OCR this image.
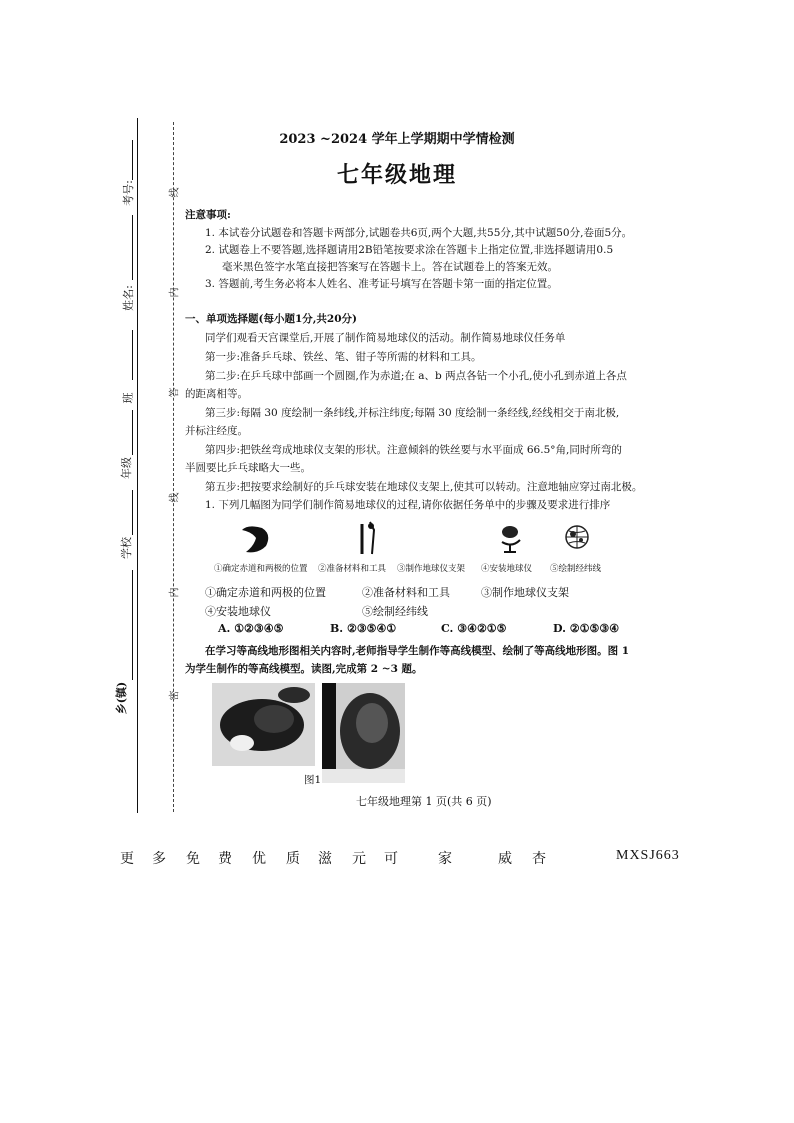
考号:
姓名:
班
年级
学校
乡(镇)
线
内
答
线
内
密
2023 ~2024 学年上学期期中学情检测
七年级地理
注意事项:
1. 本试卷分试题卷和答题卡两部分,试题卷共6页,两个大题,共55分,其中试题50分,卷面5分。
2. 试题卷上不要答题,选择题请用2B铅笔按要求涂在答题卡上指定位置,非选择题请用0.5
毫米黑色签字水笔直接把答案写在答题卡上。答在试题卷上的答案无效。
3. 答题前,考生务必将本人姓名、准考证号填写在答题卡第一面的指定位置。
一、单项选择题(每小题1分,共20分)
同学们观看天宫课堂后,开展了制作简易地球仪的活动。制作简易地球仪任务单
第一步:准备乒乓球、铁丝、笔、钳子等所需的材料和工具。
第二步:在乒乓球中部画一个圆圈,作为赤道;在 a、b 两点各钻一个小孔,使小孔到赤道上各点
的距离相等。
第三步:每隔 30 度绘制一条纬线,并标注纬度;每隔 30 度绘制一条经线,经线相交于南北极,
并标注经度。
第四步:把铁丝弯成地球仪支架的形状。注意倾斜的铁丝要与水平面成 66.5°角,同时所弯的
半圆要比乒乓球略大一些。
第五步:把按要求绘制好的乒乓球安装在地球仪支架上,使其可以转动。注意地轴应穿过南北极。
1. 下列几幅图为同学们制作简易地球仪的过程,请你依据任务单中的步骤及要求进行排序
①确定赤道和两极的位置 ②准备材料和工具 ③制作地球仪支架 ④安装地球仪 ⑤绘制经纬线
①确定赤道和两极的位置	②准备材料和工具	③制作地球仪支架
④安装地球仪	⑤绘制经纬线
A. ①②③④⑤	B. ②③⑤④①	C. ③④②①⑤	D. ②①⑤③④
在学习等高线地形图相关内容时,老师指导学生制作等高线模型、绘制了等高线地形图。图 1
为学生制作的等高线模型。读图,完成第 2 ~3 题。
图1
七年级地理第 1 页(共 6 页)
更 多 免 费 优 质 滋 元 可	家	威 杏	MXSJ663
